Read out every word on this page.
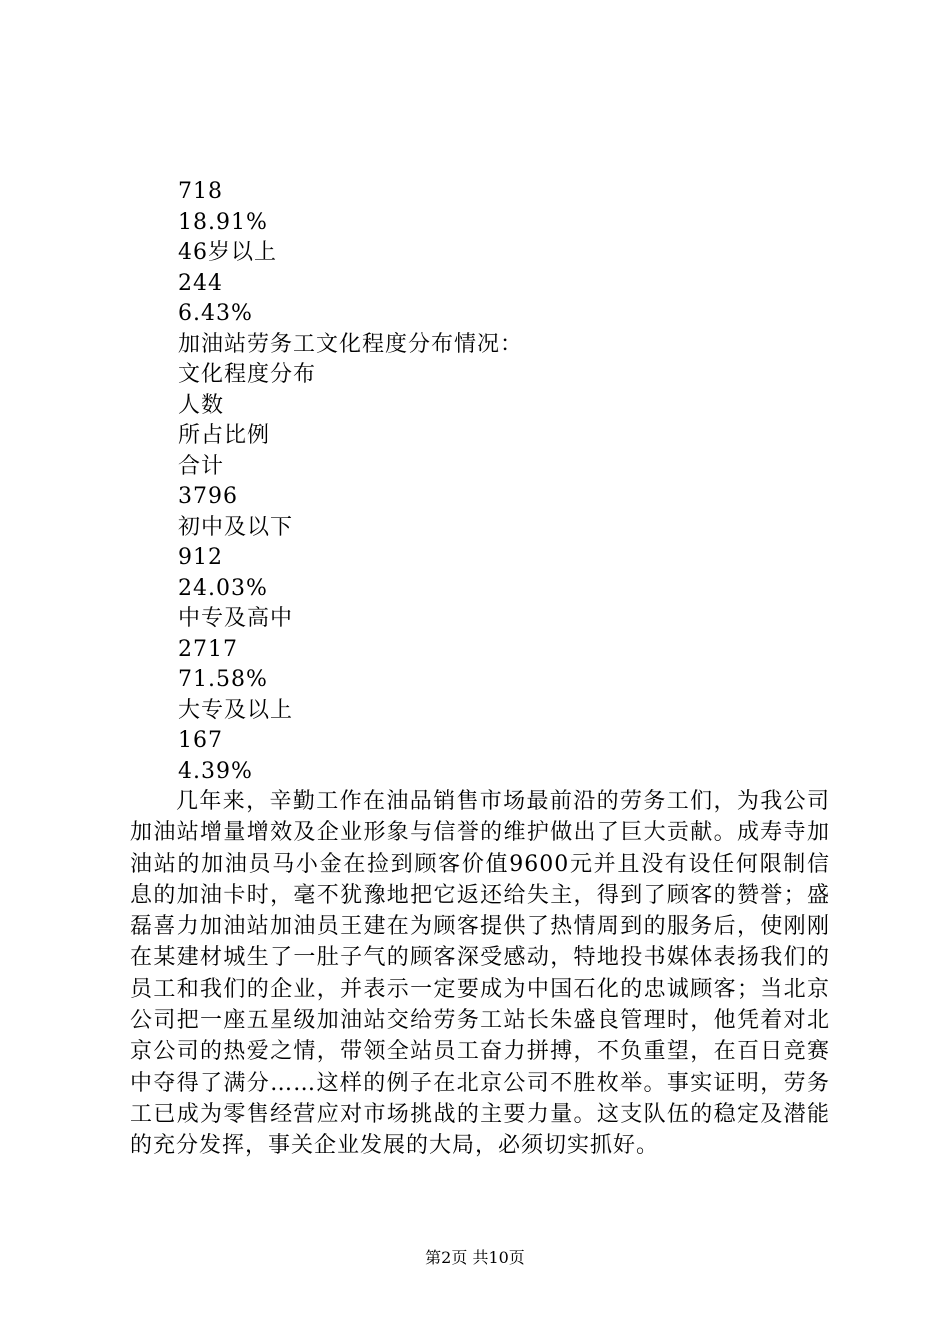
718
18.91%
46岁以上
244
6.43%
加油站劳务工文化程度分布情况：
文化程度分布
人数
所占比例
合计
3796
初中及以下
912
24.03%
中专及高中
2717
71.58%
大专及以上
167
4.39%

几年来，辛勤工作在油品销售市场最前沿的劳务工们，为我公司加油站增量增效及企业形象与信誉的维护做出了巨大贡献。成寿寺加油站的加油员马小金在捡到顾客价值9600元并且没有设任何限制信息的加油卡时，毫不犹豫地把它返还给失主，得到了顾客的赞誉；盛磊喜力加油站加油员王建在为顾客提供了热情周到的服务后，使刚刚在某建材城生了一肚子气的顾客深受感动，特地投书媒体表扬我们的员工和我们的企业，并表示一定要成为中国石化的忠诚顾客；当北京公司把一座五星级加油站交给劳务工站长朱盛良管理时，他凭着对北京公司的热爱之情，带领全站员工奋力拼搏，不负重望，在百日竞赛中夺得了满分……这样的例子在北京公司不胜枚举。事实证明，劳务工已成为零售经营应对市场挑战的主要力量。这支队伍的稳定及潜能的充分发挥，事关企业发展的大局，必须切实抓好。

第2页 共10页
